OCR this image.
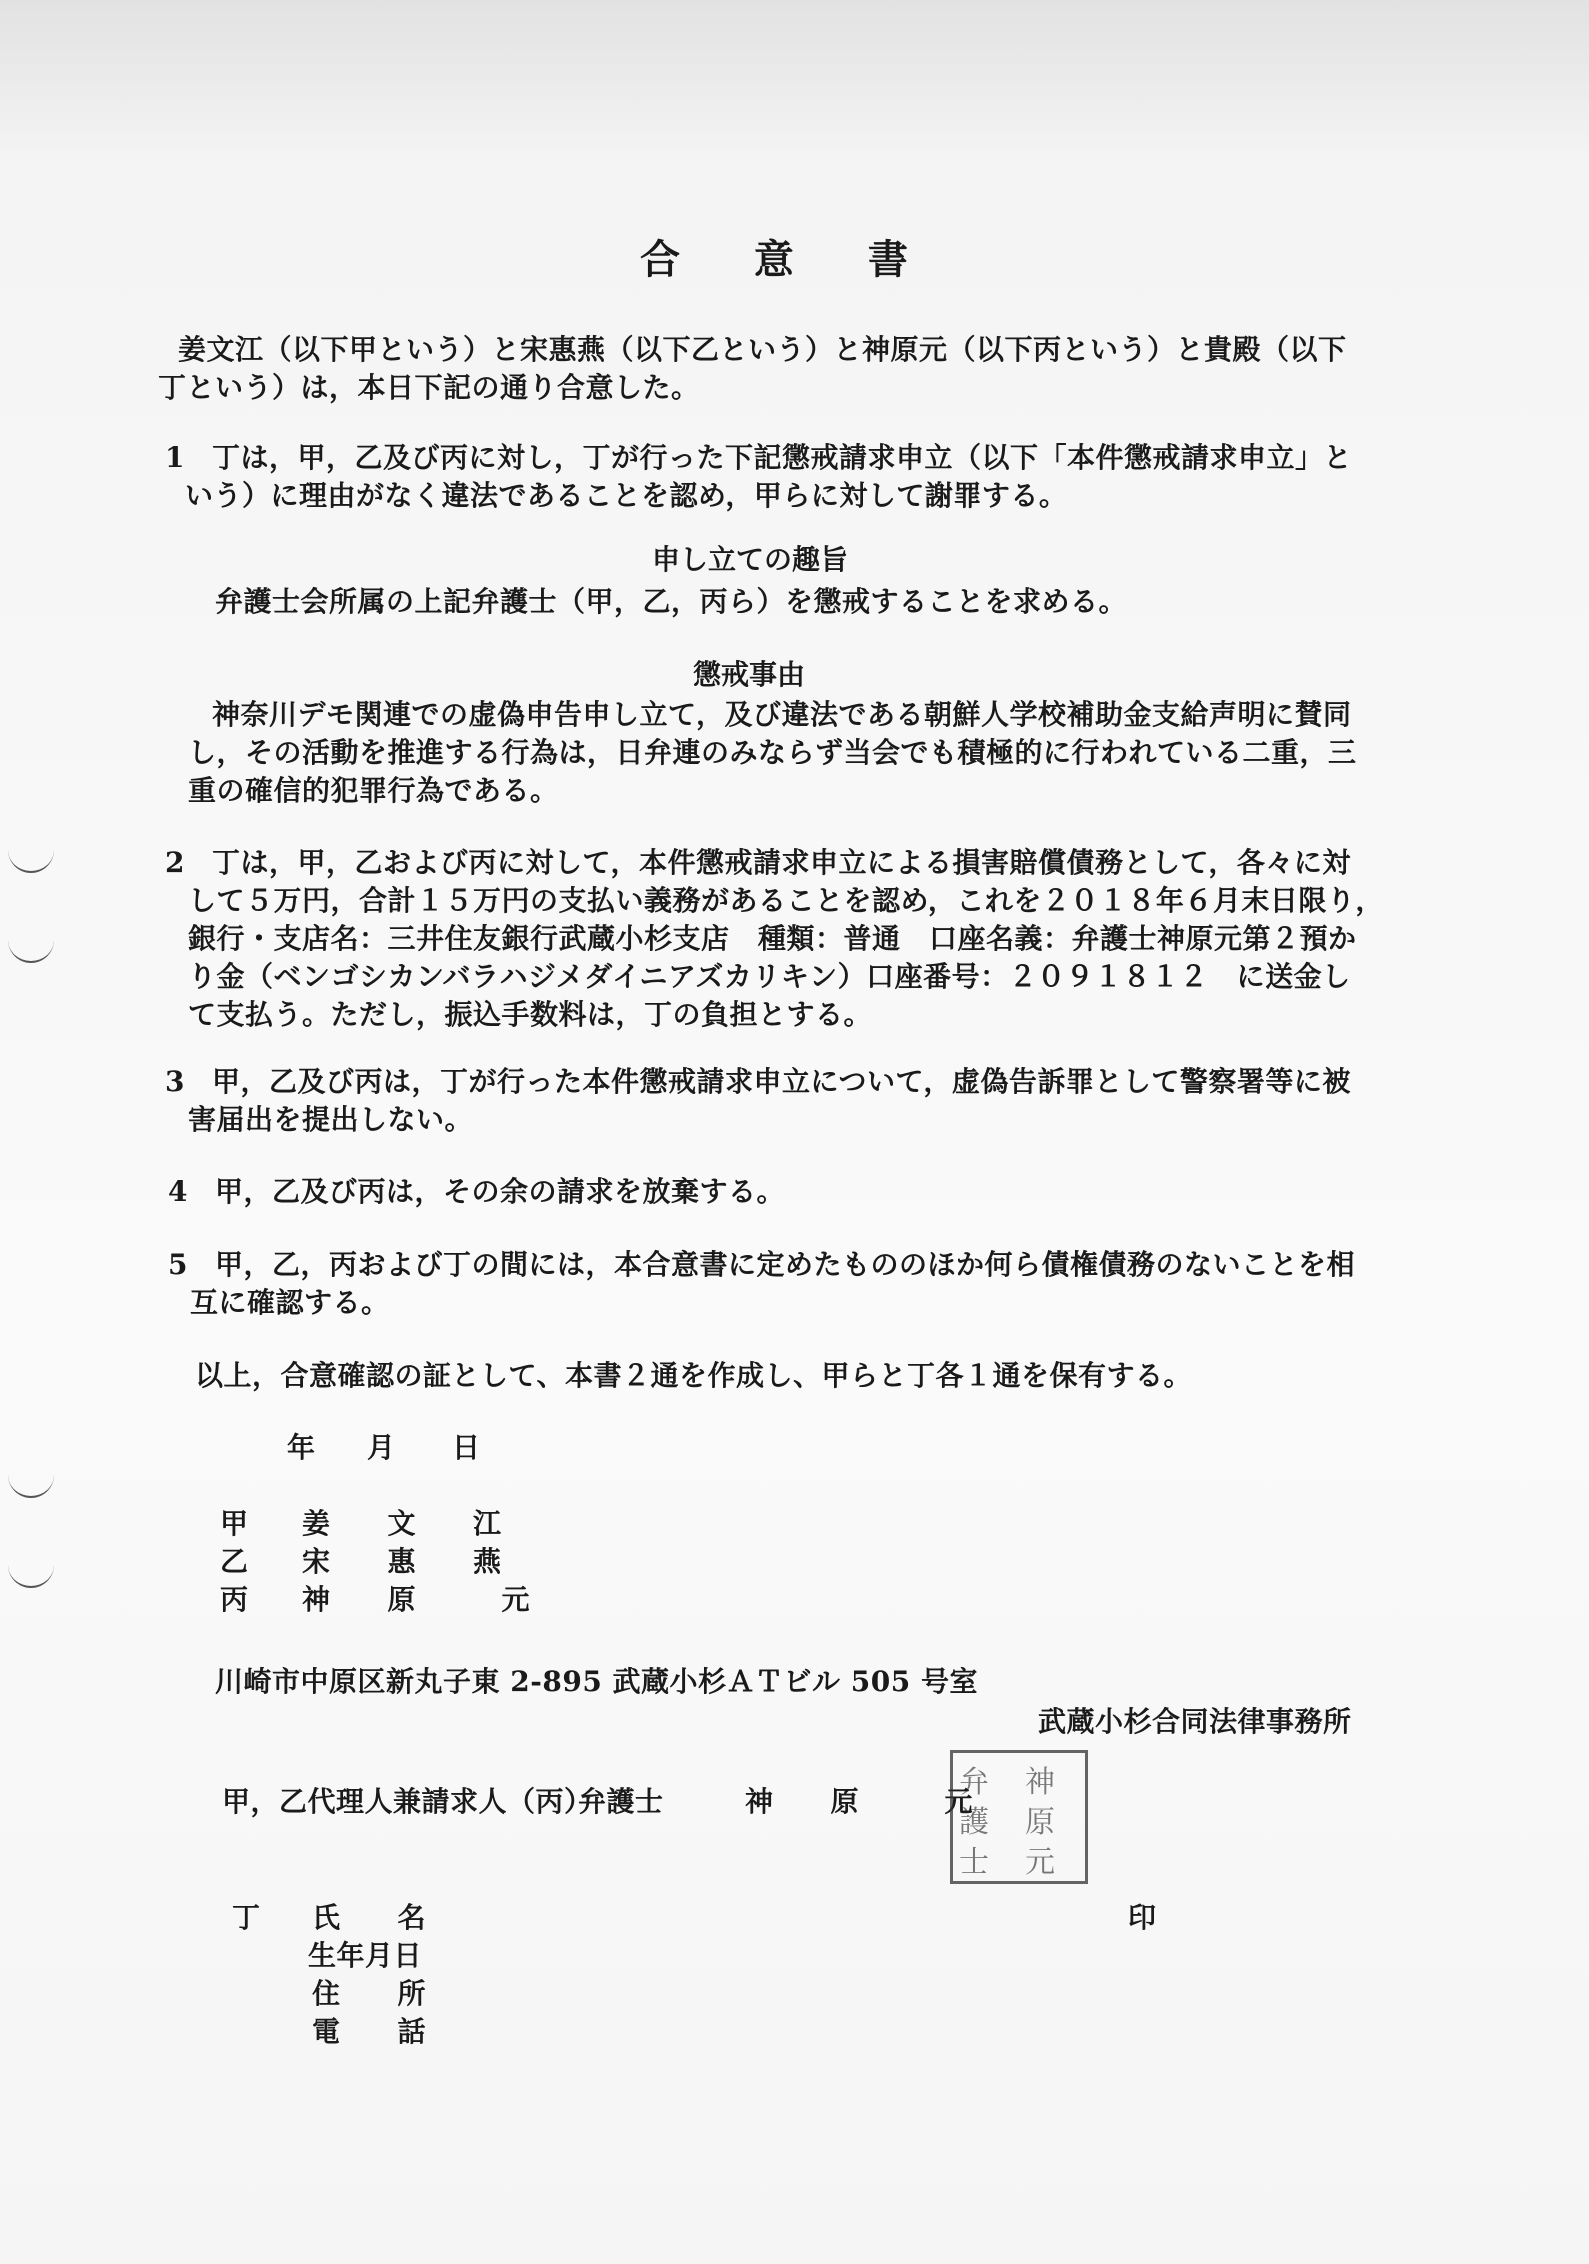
合 意 書
姜文江（以下甲という）と宋惠燕（以下乙という）と神原元（以下丙という）と貴殿（以下
丁という）は，本日下記の通り合意した。
1 丁は，甲，乙及び丙に対し，丁が行った下記懲戒請求申立（以下「本件懲戒請求申立」と
いう）に理由がなく違法であることを認め，甲らに対して謝罪する。
申し立ての趣旨
弁護士会所属の上記弁護士（甲，乙，丙ら）を懲戒することを求める。
懲戒事由
神奈川デモ関連での虚偽申告申し立て，及び違法である朝鮮人学校補助金支給声明に賛同
し，その活動を推進する行為は，日弁連のみならず当会でも積極的に行われている二重，三
重の確信的犯罪行為である。
2 丁は，甲，乙および丙に対して，本件懲戒請求申立による損害賠償債務として，各々に対
して５万円，合計１５万円の支払い義務があることを認め，これを２０１８年６月末日限り，
銀行・支店名：三井住友銀行武蔵小杉支店　種類：普通　口座名義：弁護士神原元第２預か
り金（ベンゴシカンバラハジメダイニアズカリキン）口座番号：２０９１８１２　に送金し
て支払う。ただし，振込手数料は，丁の負担とする。
3 甲，乙及び丙は，丁が行った本件懲戒請求申立について，虚偽告訴罪として警察署等に被
害届出を提出しない。
4 甲，乙及び丙は，その余の請求を放棄する。
5 甲，乙，丙および丁の間には，本合意書に定めたもののほか何ら債権債務のないことを相
互に確認する。
以上，合意確認の証として、本書２通を作成し、甲らと丁各１通を保有する。
年 月 日
甲 姜　　文　　江
乙 宋　　惠　　燕
丙 神　　原　　　元
川崎市中原区新丸子東 2-895 武蔵小杉ＡＴビル 505 号室
武蔵小杉合同法律事務所
甲，乙代理人兼請求人（丙）
弁護士	神　　原　　　元
弁
護
士
神
原
元
丁 氏　　名	印
生年月日
住　　所
電　　話
